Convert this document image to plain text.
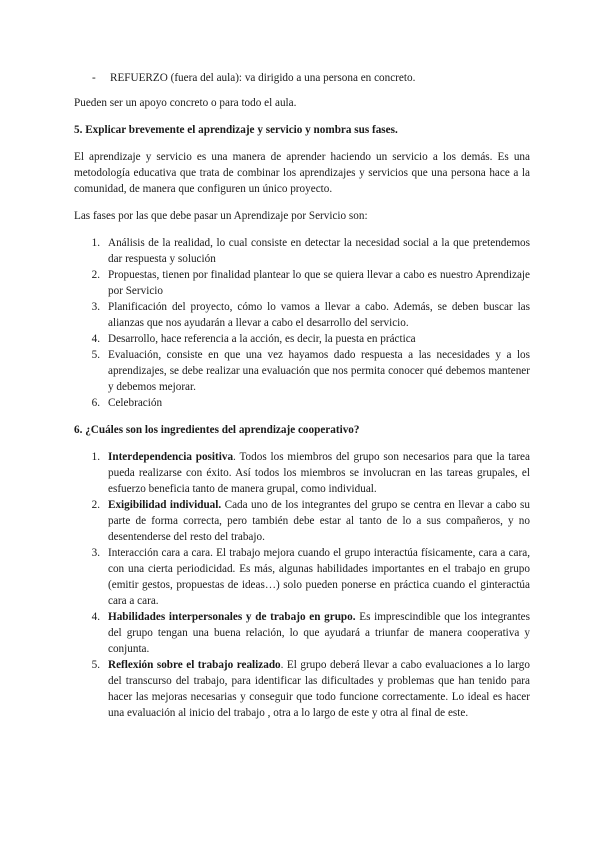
-	REFUERZO (fuera del aula): va dirigido a una persona en concreto.

Pueden ser un apoyo concreto o para todo el aula.

5. Explicar brevemente el aprendizaje y servicio y nombra sus fases.

El aprendizaje y servicio es una manera de aprender haciendo un servicio a los demás. Es una metodología educativa que trata de combinar los aprendizajes y servicios que una persona hace a la comunidad, de manera que configuren un único proyecto.

Las fases por las que debe pasar un Aprendizaje por Servicio son:

1. Análisis de la realidad, lo cual consiste en detectar la necesidad social a la que pretendemos dar respuesta y solución
2. Propuestas, tienen por finalidad plantear lo que se quiera llevar a cabo es nuestro Aprendizaje por Servicio
3. Planificación del proyecto, cómo lo vamos a llevar a cabo. Además, se deben buscar las alianzas que nos ayudarán a llevar a cabo el desarrollo del servicio.
4. Desarrollo, hace referencia a la acción, es decir, la puesta en práctica
5. Evaluación, consiste en que una vez hayamos dado respuesta a las necesidades y a los aprendizajes, se debe realizar una evaluación que nos permita conocer qué debemos mantener y debemos mejorar.
6. Celebración
6. ¿Cuáles son los ingredientes del aprendizaje cooperativo?
1. Interdependencia positiva. Todos los miembros del grupo son necesarios para que la tarea pueda realizarse con éxito. Así todos los miembros se involucran en las tareas grupales, el esfuerzo beneficia tanto de manera grupal, como individual.
2. Exigibilidad individual. Cada uno de los integrantes del grupo se centra en llevar a cabo su parte de forma correcta, pero también debe estar al tanto de lo a sus compañeros, y no desentenderse del resto del trabajo.
3. Interacción cara a cara. El trabajo mejora cuando el grupo interactúa físicamente, cara a cara, con una cierta periodicidad. Es más, algunas habilidades importantes en el trabajo en grupo (emitir gestos, propuestas de ideas…) solo pueden ponerse en práctica cuando el ginteractúa cara a cara.
4. Habilidades interpersonales y de trabajo en grupo. Es imprescindible que los integrantes del grupo tengan una buena relación, lo que ayudará a triunfar de manera cooperativa y conjunta.
5. Reflexión sobre el trabajo realizado. El grupo deberá llevar a cabo evaluaciones a lo largo del transcurso del trabajo, para identificar las dificultades y problemas que han tenido para hacer las mejoras necesarias y conseguir que todo funcione correctamente. Lo ideal es hacer una evaluación al inicio del trabajo , otra a lo largo de este y otra al final de este.
